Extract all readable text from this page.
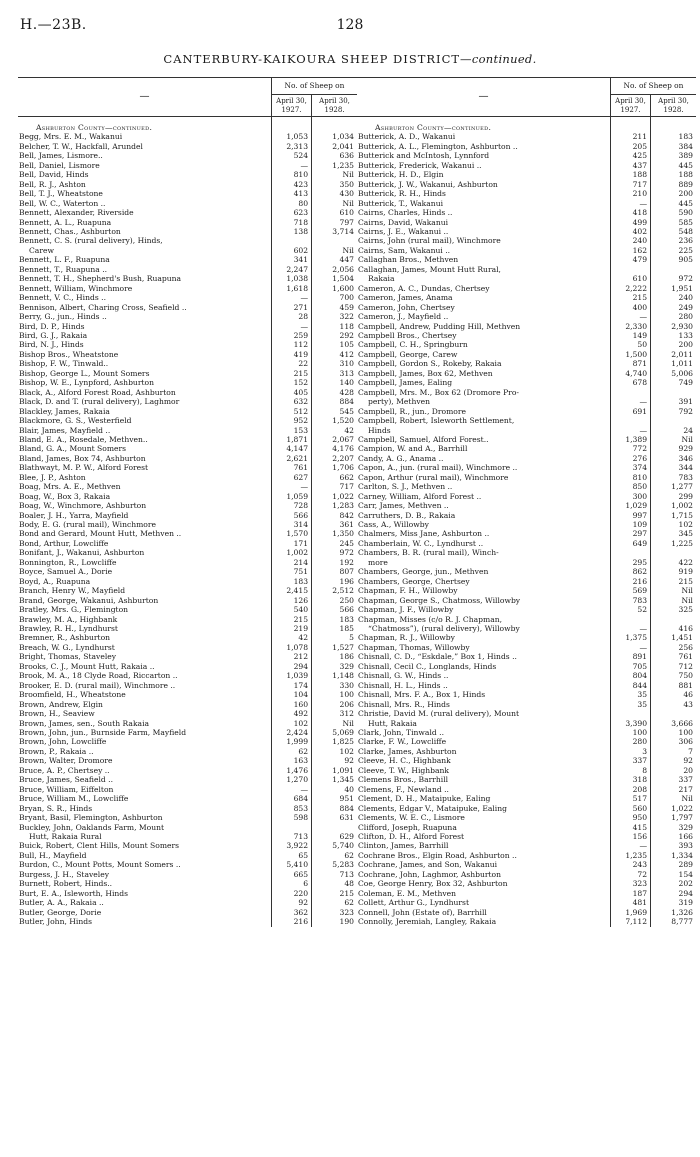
H.—23B.	128
CANTERBURY-KAIKOURA SHEEP DISTRICT—continued.
—	No. of Sheep on	
	April 30, 1927.	April 30, 1928.
Ashburton County—continued.		
Begg, Mrs. E. M., Wakanui	1,053	1,034
Belcher, T. W., Hackfall, Arundel	2,313	2,041
Bell, James, Lismore..	524	636
Bell, Daniel, Lismore	—	1,235
Bell, David, Hinds	810	Nil
Bell, R. J., Ashton	423	350
Bell, T. J., Wheatstone	413	430
Bell, W. C., Waterton ..	80	Nil
Bennett, Alexander, Riverside	623	610
Bennett, A. L., Ruapuna	718	797
Bennett, Chas., Ashburton	138	3,714
Bennett, C. S. (rural delivery), Hinds,
Carew	602	Nil
Bennett, L. F., Ruapuna	341	447
Bennett, T., Ruapuna ..	2,247	2,056
Bennett, T. H., Shepherd's Bush, Ruapuna	1,038	1,504
Bennett, William, Winchmore	1,618	1,600
Bennett, V. C., Hinds ..	—	700
Bennison, Albert, Charing Cross, Seafield ..	271	459
Berry, G., jun., Hinds ..	28	322
Bird, D. P., Hinds	—	118
Bird, G. J., Rakaia	259	292
Bird, N. J., Hinds	112	105
Bishop Bros., Wheatstone	419	412
Bishop, F. W., Tinwald..	22	310
Bishop, George L., Mount Somers	215	313
Bishop, W. E., Lynpford, Ashburton	152	140
Black, A., Alford Forest Road, Ashburton	405	428
Black, D. and T. (rural delivery), Laghmor	632	884
Blackley, James, Rakaia	512	545
Blackmore, G. S., Westerfield	952	1,520
Blair, James, Mayfield ..	153	42
Bland, E. A., Rosedale, Methven..	1,871	2,067
Bland, G. A., Mount Somers	4,147	4,176
Bland, James, Box 74, Ashburton	2,621	2,207
Blathwayt, M. P. W., Alford Forest	761	1,706
Blee, J. P., Ashton	627	662
Boag, Mrs. A. E., Methven	—	717
Boag, W., Box 3, Rakaia	1,059	1,022
Boag, W., Winchmore, Ashburton	728	1,283
Boaler, J. H., Yarra, Mayfield	566	842
Body, E. G. (rural mail), Winchmore	314	361
Bond and Gerard, Mount Hutt, Methven ..	1,570	1,350
Bond, Arthur, Lowcliffe	171	245
Bonifant, J., Wakanui, Ashburton	1,002	972
Bonnington, R., Lowcliffe	214	192
Boyce, Samuel A., Dorie	751	807
Boyd, A., Ruapuna	183	196
Branch, Henry W., Mayfield	2,415	2,512
Brand, George, Wakanui, Ashburton	126	250
Bratley, Mrs. G., Flemington	540	566
Brawley, M. A., Highbank	215	183
Brawley, R. H., Lyndhurst	219	185
Bremner, R., Ashburton	42	5
Breach, W. G., Lyndhurst	1,078	1,527
Bright, Thomas, Staveley	212	186
Brooks, C. J., Mount Hutt, Rakaia ..	294	329
Brook, M. A., 18 Clyde Road, Riccarton ..	1,039	1,148
Brooker, E. D. (rural mail), Winchmore ..	174	330
Broomfield, H., Wheatstone	104	100
Brown, Andrew, Elgin	160	206
Brown, H., Seaview	492	312
Brown, James, sen., South Rakaia	102	Nil
Brown, John, jun., Burnside Farm, Mayfield	2,424	5,069
Brown, John, Lowcliffe	1,999	1,825
Brown, P., Rakaia ..	62	102
Brown, Walter, Dromore	163	92
Bruce, A. P., Chertsey ..	1,476	1,091
Bruce, James, Seafield ..	1,270	1,345
Bruce, William, Eiffelton	—	40
Bruce, William M., Lowcliffe	684	951
Bryan, S. R., Hinds	853	884
Bryant, Basil, Flemington, Ashburton	598	631
Buckley, John, Oaklands Farm, Mount
Hutt, Rakaia Rural	713	629
Buick, Robert, Clent Hills, Mount Somers	3,922	5,740
Bull, H., Mayfield	65	62
Burdon, C., Mount Potts, Mount Somers ..	5,410	5,283
Burgess, J. H., Staveley	665	713
Burnett, Robert, Hinds..	6	48
Burt, E. A., Isleworth, Hinds	220	215
Butler, A. A., Rakaia ..	92	62
Butler, George, Dorie	362	323
Butler, John, Hinds	216	190
—	No. of Sheep on	
	April 30, 1927.	April 30, 1928.
Ashburton County—continued.		
Butterick, A. D., Wakanui	211	183
Butterick, A. L., Flemington, Ashburton ..	205	384
Butterick and McIntosh, Lynnford	425	389
Butterick, Frederick, Wakanui ..	437	445
Butterick, H. D., Elgin	188	188
Butterick, J. W., Wakanui, Ashburton	717	889
Butterick, R. H., Hinds	210	200
Butterick, T., Wakanui	—	445
Cairns, Charles, Hinds ..	418	590
Cairns, David, Wakanui	499	585
Cairns, J. E., Wakanui ..	402	548
Cairns, John (rural mail), Winchmore	240	236
Cairns, Sam, Wakanui ..	162	225
Callaghan Bros., Methven	479	905
Callaghan, James, Mount Hutt Rural,
Rakaia	610	972
Cameron, A. C., Dundas, Chertsey	2,222	1,951
Cameron, James, Anama	215	240
Cameron, John, Chertsey	400	249
Cameron, J., Mayfield ..	—	280
Campbell, Andrew, Pudding Hill, Methven	2,330	2,930
Campbell Bros., Chertsey	149	133
Campbell, C. H., Springburn	50	200
Campbell, George, Carew	1,500	2,011
Campbell, Gordon S., Rokeby, Rakaia	871	1,011
Campbell, James, Box 62, Methven	4,740	5,006
Campbell, James, Ealing	678	749
Campbell, Mrs. M., Box 62 (Dromore Pro-
perty), Methven	—	391
Campbell, R., jun., Dromore	691	792
Campbell, Robert, Isleworth Settlement,
Hinds	—	24
Campbell, Samuel, Alford Forest..	1,389	Nil
Campion, W. and A., Barrhill	772	929
Candy, A. G., Anama ..	276	346
Capon, A., jun. (rural mail), Winchmore ..	374	344
Capon, Arthur (rural mail), Winchmore	810	783
Carlton, S. J., Methven ..	850	1,277
Carney, William, Alford Forest ..	300	299
Carr, James, Methven ..	1,029	1,002
Carruthers, D. B., Rakaia	997	1,715
Cass, A., Willowby	109	102
Chalmers, Miss Jane, Ashburton ..	297	345
Chamberlain, W. C., Lyndhurst ..	649	1,225
Chambers, B. R. (rural mail), Winch-
more	295	422
Chambers, George, jun., Methven	862	919
Chambers, George, Chertsey	216	215
Chapman, F. H., Willowby	569	Nil
Chapman, George S., Chatmoss, Willowby	783	Nil
Chapman, J. F., Willowby	52	325
Chapman, Misses (c/o R. J. Chapman,
“Chatmoss”), (rural delivery), Willowby	—	416
Chapman, R. J., Willowby	1,375	1,451
Chapman, Thomas, Willowby	—	256
Chisnall, C. D., “Eskdale,” Box 1, Hinds ..	891	761
Chisnall, Cecil C., Longlands, Hinds	705	712
Chisnall, G. W., Hinds ..	804	750
Chisnall, H. L., Hinds ..	844	881
Chisnall, Mrs. F. A., Box 1, Hinds	35	46
Chisnall, Mrs. R., Hinds	35	43
Christie, David M. (rural delivery), Mount
Hutt, Rakaia	3,390	3,666
Clark, John, Tinwald ..	100	100
Clarke, F. W., Lowcliffe	280	306
Clarke, James, Ashburton	3	7
Cleeve, H. C., Highbank	337	92
Cleeve, T. W., Highbank	8	20
Clemens Bros., Barrhill	318	337
Clemens, F., Newland ..	208	217
Clement, D. H., Mataipuke, Ealing	517	Nil
Clements, Edgar V., Mataipuke, Ealing	560	1,022
Clements, W. E. C., Lismore	950	1,797
Clifford, Joseph, Ruapuna	415	329
Clifton, D. H., Alford Forest	156	166
Clinton, James, Barrhill	—	393
Cochrane Bros., Elgin Road, Ashburton ..	1,235	1,334
Cochrane, James, and Son, Wakanui	243	289
Cochrane, John, Laghmor, Ashburton	72	154
Coe, George Henry, Box 32, Ashburton	323	202
Coleman, E. M., Methven	187	294
Collett, Arthur G., Lyndhurst	481	319
Connell, John (Estate of), Barrhill	1,969	1,326
Connolly, Jeremiah, Langley, Rakaia	7,112	8,777
